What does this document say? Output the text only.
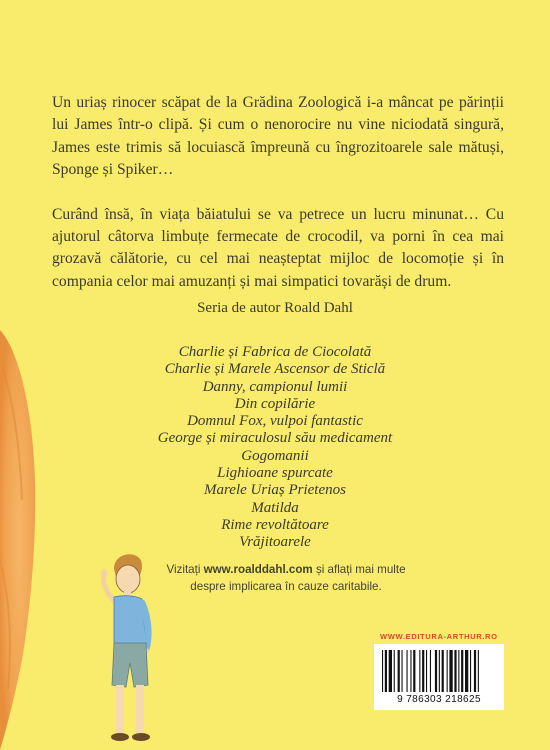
Un uriaș rinocer scăpat de la Grădina Zoologică i-a mâncat pe părinții lui James într-o clipă. Și cum o nenorocire nu vine niciodată singură, James este trimis să locuiască împreună cu îngrozitoarele sale mătuși, Sponge și Spiker…

Curând însă, în viața băiatului se va petrece un lucru minunat… Cu ajutorul câtorva limbuțe fermecate de crocodil, va porni în cea mai grozavă călătorie, cu cel mai neașteptat mijloc de locomoție și în compania celor mai amuzanți și mai simpatici tovarăși de drum.

Seria de autor Roald Dahl
Charlie și Fabrica de Ciocolată
Charlie și Marele Ascensor de Sticlă
Danny, campionul lumii
Din copilărie
Domnul Fox, vulpoi fantastic
George și miraculosul său medicament
Gogomanii
Lighioane spurcate
Marele Uriaș Prietenos
Matilda
Rime revoltătoare
Vrăjitoarele
Vizitați www.roalddahl.com și aflați mai multe despre implicarea în cauze caritabile.
WWW.EDITURA-ARTHUR.RO
9 786303 218625
